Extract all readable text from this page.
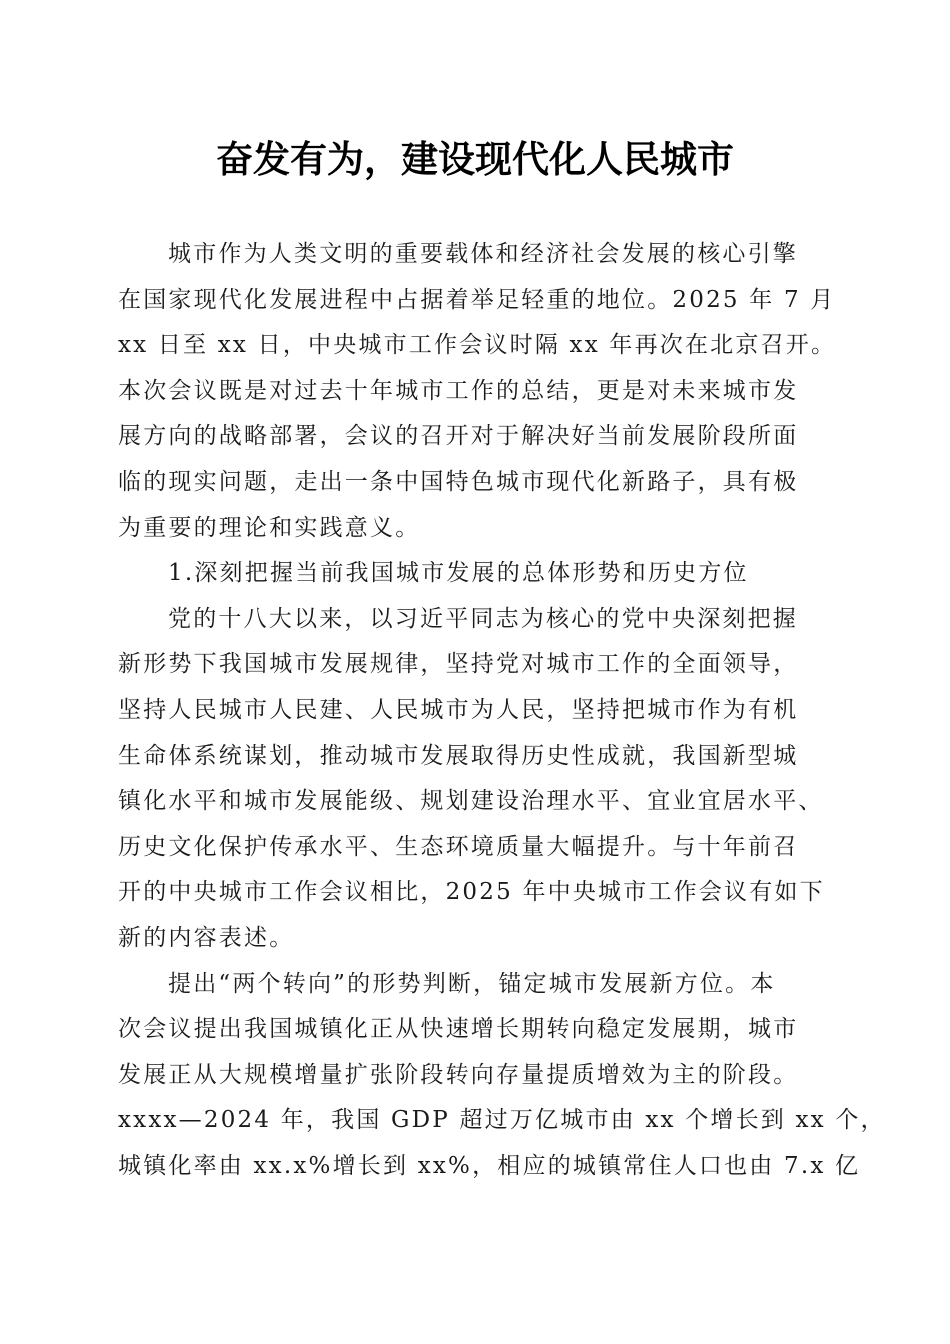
奋发有为，建设现代化人民城市
城市作为人类文明的重要载体和经济社会发展的核心引擎
在国家现代化发展进程中占据着举足轻重的地位。2025 年 7 月
xx 日至 xx 日，中央城市工作会议时隔 xx 年再次在北京召开。
本次会议既是对过去十年城市工作的总结，更是对未来城市发
展方向的战略部署，会议的召开对于解决好当前发展阶段所面
临的现实问题，走出一条中国特色城市现代化新路子，具有极
为重要的理论和实践意义。
1.深刻把握当前我国城市发展的总体形势和历史方位
党的十八大以来，以习近平同志为核心的党中央深刻把握
新形势下我国城市发展规律，坚持党对城市工作的全面领导，
坚持人民城市人民建、人民城市为人民，坚持把城市作为有机
生命体系统谋划，推动城市发展取得历史性成就，我国新型城
镇化水平和城市发展能级、规划建设治理水平、宜业宜居水平、
历史文化保护传承水平、生态环境质量大幅提升。与十年前召
开的中央城市工作会议相比，2025 年中央城市工作会议有如下
新的内容表述。
提出“两个转向”的形势判断，锚定城市发展新方位。本
次会议提出我国城镇化正从快速增长期转向稳定发展期，城市
发展正从大规模增量扩张阶段转向存量提质增效为主的阶段。
xxxx—2024 年，我国 GDP 超过万亿城市由 xx 个增长到 xx 个，
城镇化率由 xx.x%增长到 xx%，相应的城镇常住人口也由 7.x 亿
